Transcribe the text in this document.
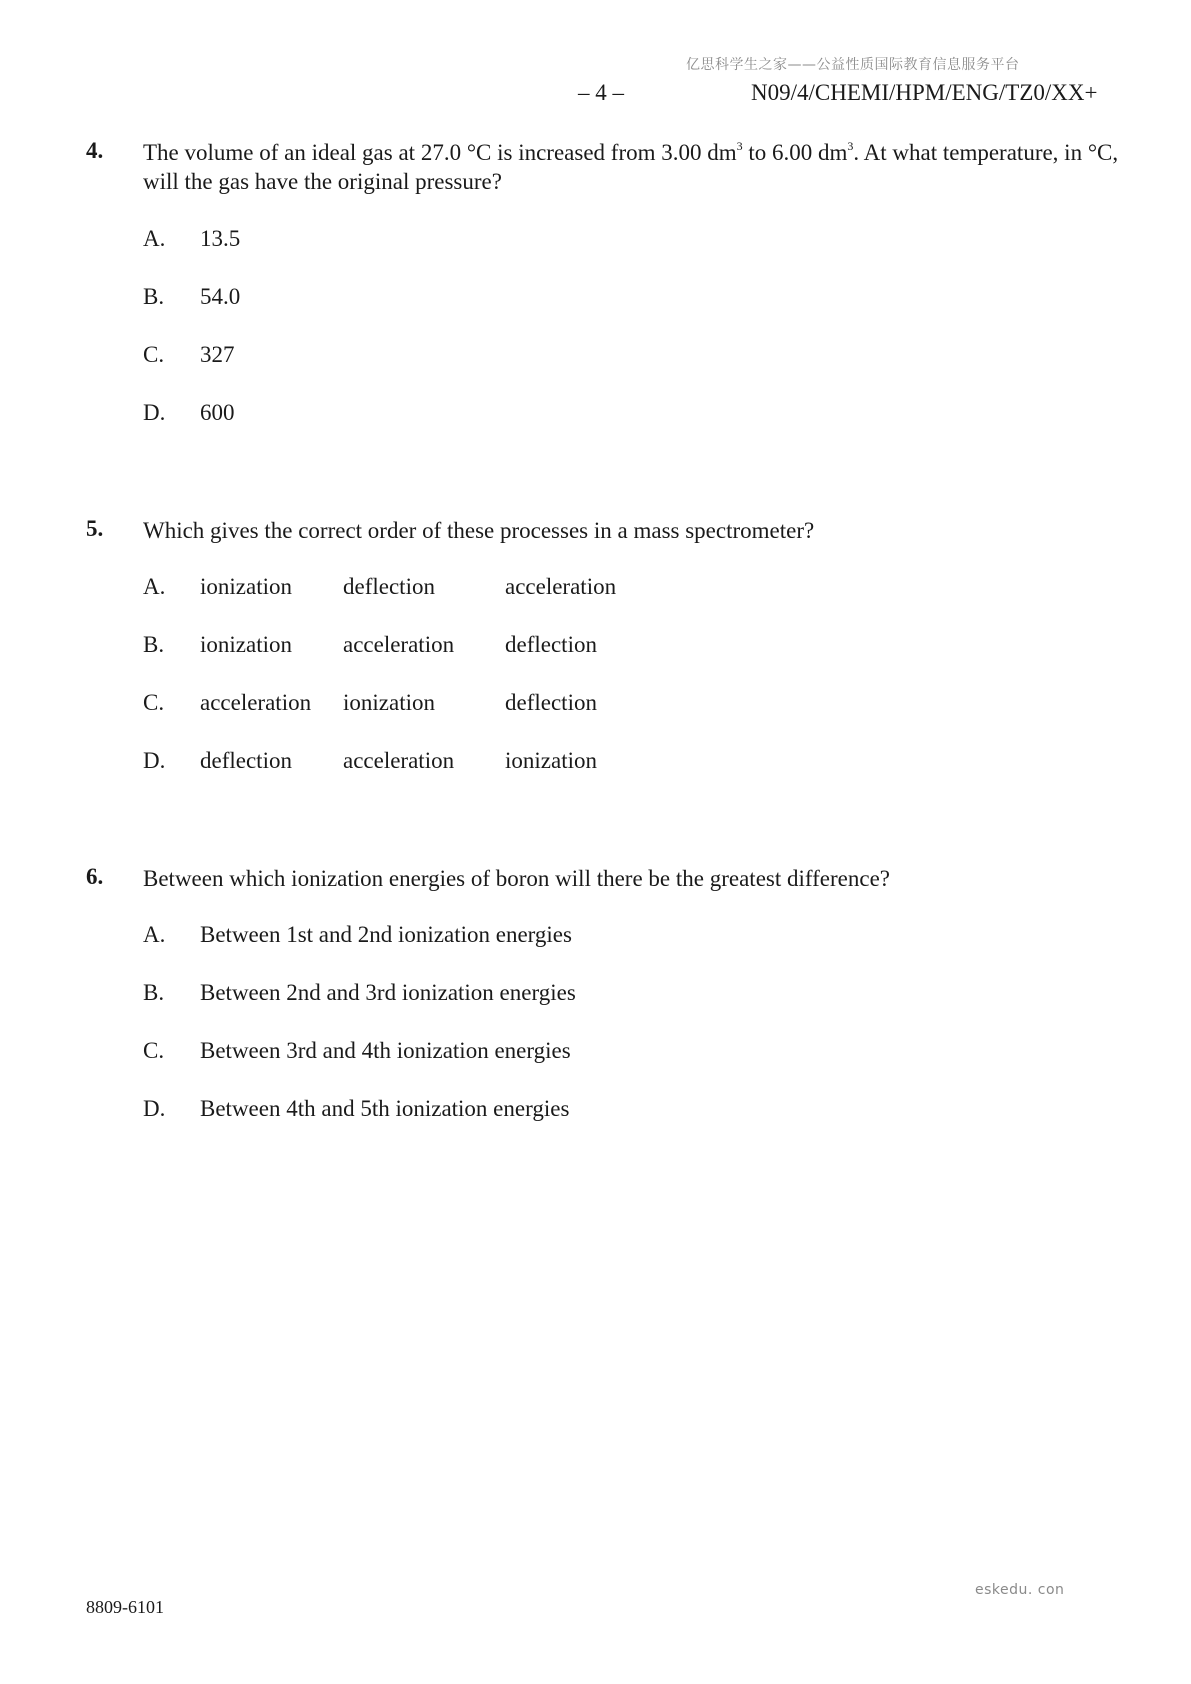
亿思科学生之家——公益性质国际教育信息服务平台
– 4 –	N09/4/CHEMI/HPM/ENG/TZ0/XX+
4. The volume of an ideal gas at 27.0 °C is increased from 3.00 $dm^3$ to 6.00 $dm^3$. At what temperature, in °C, will the gas have the original pressure?
A. 13.5
B. 54.0
C. 327
D. 600
5. Which gives the correct order of these processes in a mass spectrometer?
A. ionization deflection	acceleration
B. ionization acceleration deflection
C. acceleration ionization	deflection
D. deflection acceleration ionization
6. Between which ionization energies of boron will there be the greatest difference?
A. Between 1st and 2nd ionization energies
B. Between 2nd and 3rd ionization energies
C. Between 3rd and 4th ionization energies
D. Between 4th and 5th ionization energies
eskedu. con
8809-6101
